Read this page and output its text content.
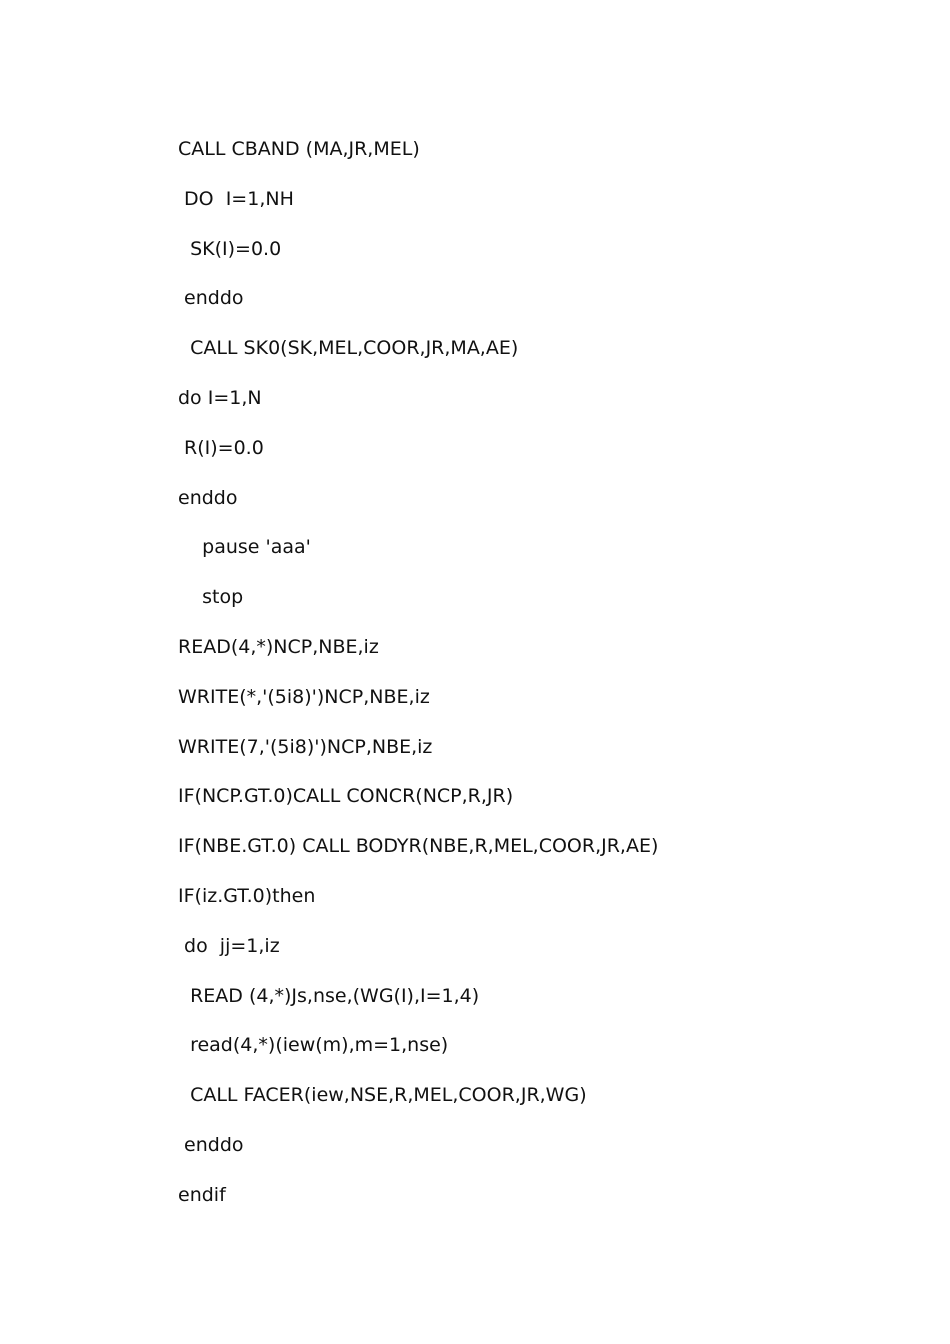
CALL CBAND (MA,JR,MEL)
DO  I=1,NH
SK(I)=0.0
enddo
CALL SK0(SK,MEL,COOR,JR,MA,AE)
do I=1,N
R(I)=0.0
enddo
pause 'aaa'
stop
READ(4,*)NCP,NBE,iz
WRITE(*,'(5i8)')NCP,NBE,iz
WRITE(7,'(5i8)')NCP,NBE,iz
IF(NCP.GT.0)CALL CONCR(NCP,R,JR)
IF(NBE.GT.0) CALL BODYR(NBE,R,MEL,COOR,JR,AE)
IF(iz.GT.0)then
do  jj=1,iz
READ (4,*)Js,nse,(WG(I),I=1,4)
read(4,*)(iew(m),m=1,nse)
CALL FACER(iew,NSE,R,MEL,COOR,JR,WG)
enddo
endif
